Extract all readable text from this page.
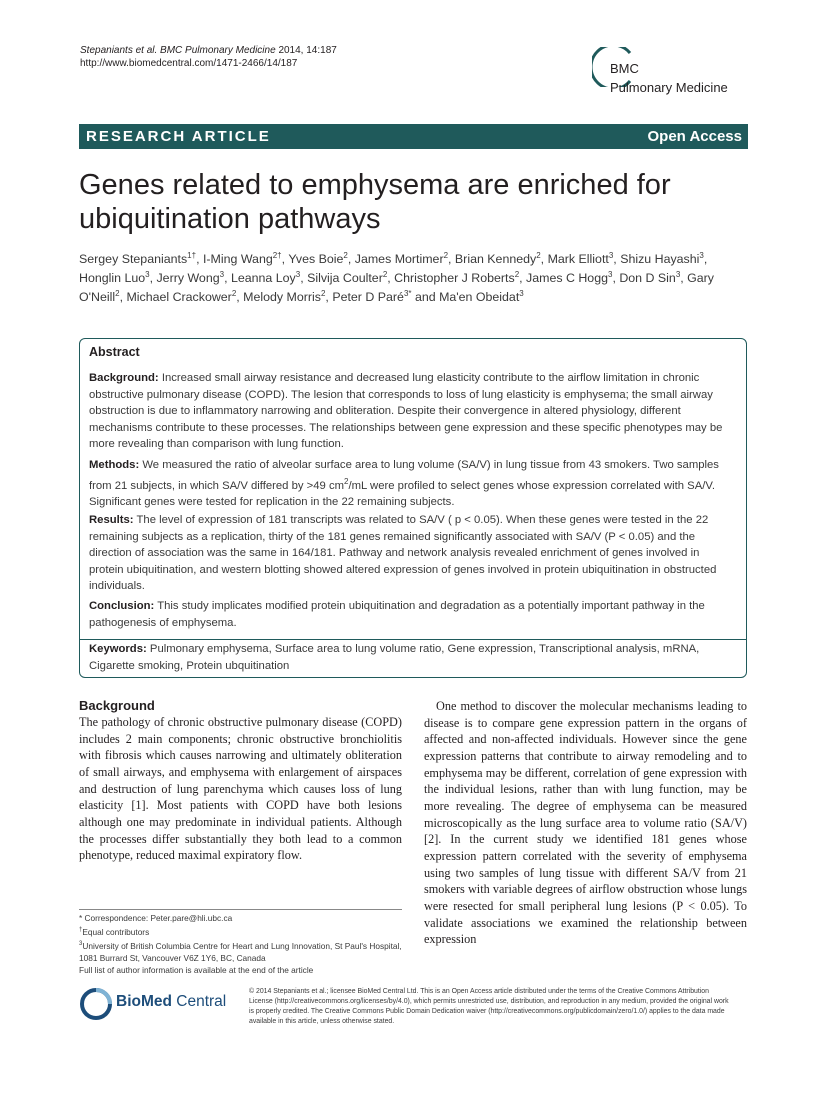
Stepaniants et al. BMC Pulmonary Medicine 2014, 14:187
http://www.biomedcentral.com/1471-2466/14/187	BMC
Pulmonary Medicine
RESEARCH ARTICLE	Open Access
Genes related to emphysema are enriched for ubiquitination pathways
Sergey Stepaniants$^{1\dagger}$, I-Ming Wang$^{2\dagger}$, Yves Boie$^2$, James Mortimer$^2$, Brian Kennedy$^2$, Mark Elliott$^3$, Shizu Hayashi$^3$, Honglin Luo$^3$, Jerry Wong$^3$, Leanna Loy$^3$, Silvija Coulter$^2$, Christopher J Roberts$^2$, James C Hogg$^3$, Don D Sin$^3$, Gary O'Neill$^2$, Michael Crackower$^2$, Melody Morris$^2$, Peter D Paré$^{3*}$ and Ma'en Obeidat$^3$
Abstract
Background: Increased small airway resistance and decreased lung elasticity contribute to the airflow limitation in chronic obstructive pulmonary disease (COPD). The lesion that corresponds to loss of lung elasticity is emphysema; the small airway obstruction is due to inflammatory narrowing and obliteration. Despite their convergence in altered physiology, different mechanisms contribute to these processes. The relationships between gene expression and these specific phenotypes may be more revealing than comparison with lung function.
Methods: We measured the ratio of alveolar surface area to lung volume (SA/V) in lung tissue from 43 smokers. Two samples from 21 subjects, in which SA/V differed by >49 $cm^2/mL$ were profiled to select genes whose expression correlated with SA/V. Significant genes were tested for replication in the 22 remaining subjects.
Results: The level of expression of 181 transcripts was related to SA/V ( p < 0.05). When these genes were tested in the 22 remaining subjects as a replication, thirty of the 181 genes remained significantly associated with SA/V (P < 0.05) and the direction of association was the same in 164/181. Pathway and network analysis revealed enrichment of genes involved in protein ubiquitination, and western blotting showed altered expression of genes involved in protein ubiquitination in obstructed individuals.
Conclusion: This study implicates modified protein ubiquitination and degradation as a potentially important pathway in the pathogenesis of emphysema.
Keywords: Pulmonary emphysema, Surface area to lung volume ratio, Gene expression, Transcriptional analysis, mRNA, Cigarette smoking, Protein ubquitination
Background
The pathology of chronic obstructive pulmonary disease (COPD) includes 2 main components; chronic obstructive bronchiolitis with fibrosis which causes narrowing and ultimately obliteration of small airways, and emphysema with enlargement of airspaces and destruction of lung parenchyma which causes loss of lung elasticity [1]. Most patients with COPD have both lesions although one may predominate in individual patients. Although the processes differ substantially they both lead to a common phenotype, reduced maximal expiratory flow.
One method to discover the molecular mechanisms leading to disease is to compare gene expression pattern in the organs of affected and non-affected individuals. However since the gene expression patterns that contribute to airway remodeling and to emphysema may be different, correlation of gene expression with the individual lesions, rather than with lung function, may be more revealing. The degree of emphysema can be measured microscopically as the lung surface area to volume ratio (SA/V) [2]. In the current study we identified 181 genes whose expression pattern correlated with the severity of emphysema using two samples of lung tissue with different SA/V from 21 smokers with variable degrees of airflow obstruction whose lungs were resected for small peripheral lung lesions (P < 0.05). To validate associations we examined the relationship between expression
* Correspondence: Peter.pare@hli.ubc.ca
†Equal contributors
$^3$University of British Columbia Centre for Heart and Lung Innovation, St Paul's Hospital, 1081 Burrard St, Vancouver V6Z 1Y6, BC, Canada
Full list of author information is available at the end of the article
BioMed Central
© 2014 Stepaniants et al.; licensee BioMed Central Ltd. This is an Open Access article distributed under the terms of the Creative Commons Attribution License (http://creativecommons.org/licenses/by/4.0), which permits unrestricted use, distribution, and reproduction in any medium, provided the original work is properly credited. The Creative Commons Public Domain Dedication waiver (http://creativecommons.org/publicdomain/zero/1.0/) applies to the data made available in this article, unless otherwise stated.
